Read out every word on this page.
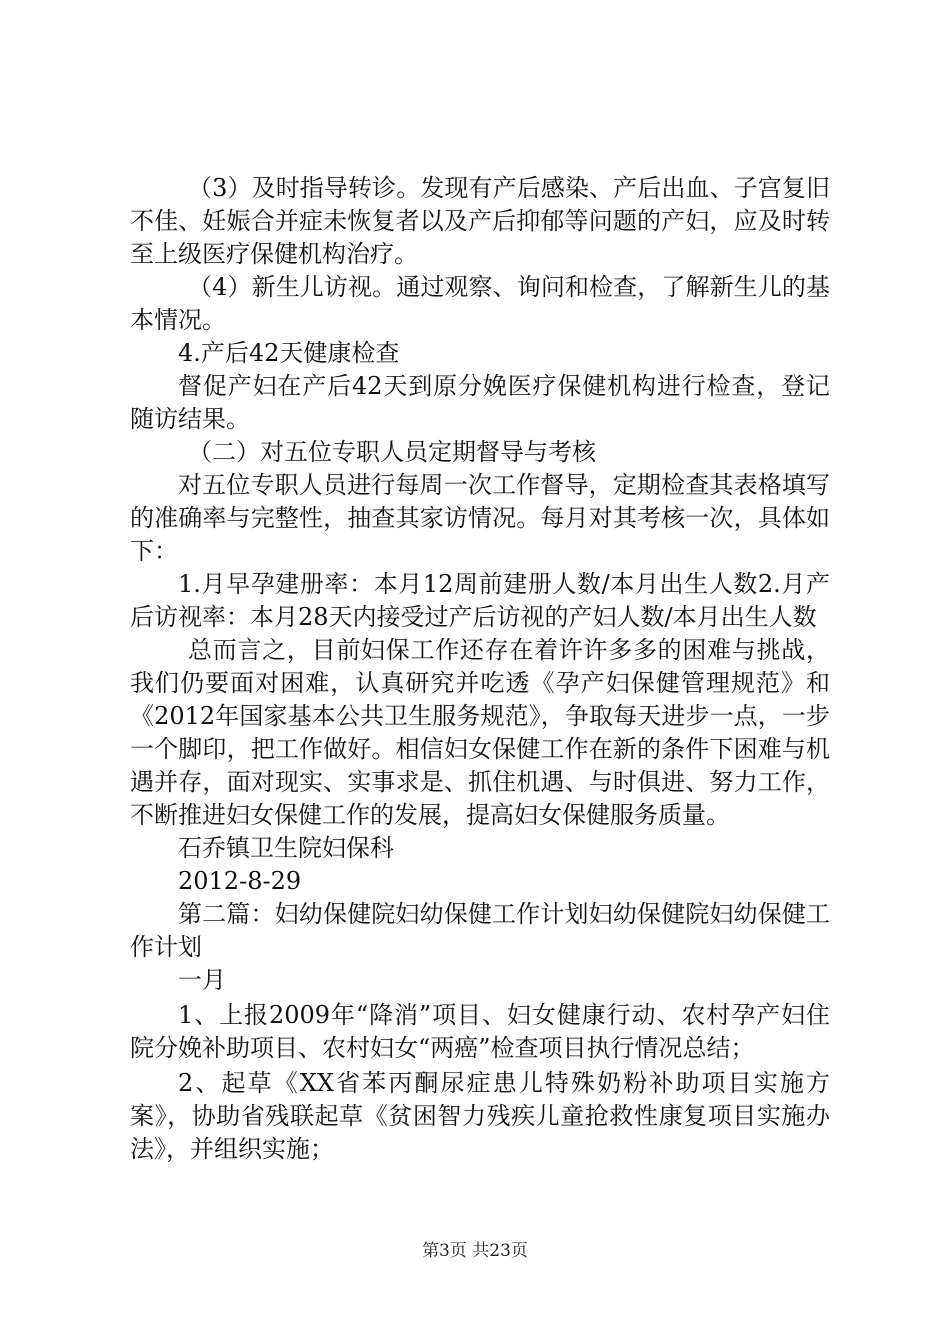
（3）及时指导转诊。发现有产后感染、产后出血、子宫复旧不佳、妊娠合并症未恢复者以及产后抑郁等问题的产妇，应及时转至上级医疗保健机构治疗。

（4）新生儿访视。通过观察、询问和检查，了解新生儿的基本情况。

4.产后42天健康检查

督促产妇在产后42天到原分娩医疗保健机构进行检查，登记随访结果。

（二）对五位专职人员定期督导与考核

对五位专职人员进行每周一次工作督导，定期检查其表格填写的准确率与完整性，抽查其家访情况。每月对其考核一次，具体如下：

1.月早孕建册率：本月12周前建册人数/本月出生人数2.月产后访视率：本月28天内接受过产后访视的产妇人数/本月出生人数

总而言之，目前妇保工作还存在着许许多多的困难与挑战，我们仍要面对困难，认真研究并吃透《孕产妇保健管理规范》和《2012年国家基本公共卫生服务规范》，争取每天进步一点，一步一个脚印，把工作做好。相信妇女保健工作在新的条件下困难与机遇并存，面对现实、实事求是、抓住机遇、与时俱进、努力工作，不断推进妇女保健工作的发展，提高妇女保健服务质量。

石乔镇卫生院妇保科

2012-8-29

第二篇：妇幼保健院妇幼保健工作计划妇幼保健院妇幼保健工作计划

一月

1、上报2009年“降消”项目、妇女健康行动、农村孕产妇住院分娩补助项目、农村妇女“两癌”检查项目执行情况总结；

2、起草《XX省苯丙酮尿症患儿特殊奶粉补助项目实施方案》，协助省残联起草《贫困智力残疾儿童抢救性康复项目实施办法》，并组织实施；

第3页 共23页
